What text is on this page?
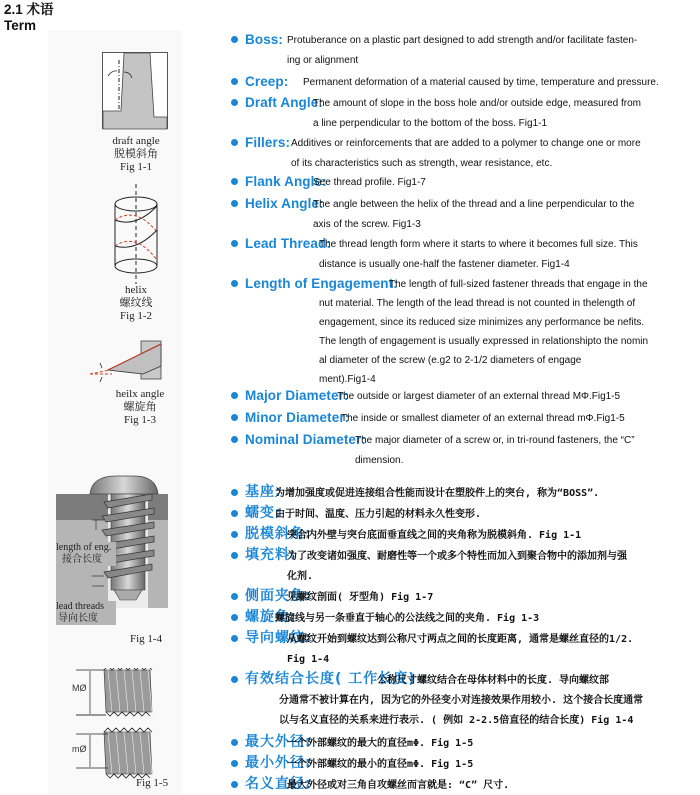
2.1 术语
Term
draft angle
脱模斜角
Fig 1-1
helix
螺纹线
Fig 1-2
heilx angle
螺旋角
Fig 1-3
length of eng.
接合长度
lead threads
导向长度
Fig 1-4
MØ
mØ
Fig 1-5
Boss: Protuberance on a plastic part designed to add strength and/or facilitate fasten-
ing or alignment
Creep: Permanent deformation of a material caused by time, temperature and pressure.
Draft Angle:
The amount of slope in the boss hole and/or outside edge, measured from
a line perpendicular to the bottom of the boss. Fig1-1
Fillers: Additives or reinforcements that are added to a polymer to change one or more
of its characteristics such as strength, wear resistance, etc.
Flank Angle:
See thread profile. Fig1-7
Helix Angle:
The angle between the helix of the thread and a line perpendicular to the
axis of the screw. Fig1-3
Lead Thread:
The thread length form where it starts to where it becomes full size. This
distance is usually one-half the fastener diameter. Fig1-4
Length of Engagement:
The length of full-sized fastener threads that engage in the
nut material. The length of the lead thread is not counted in thelength of
engagement, since its reduced size minimizes any performance be nefits.
The length of engagement is usually expressed in relationshipto the nomin
al diameter of the screw (e.g2 to 2-1/2 diameters of engage
ment).Fig1-4
Major Diameter:
The outside or largest diameter of an external thread MΦ.Fig1-5
Minor Diameter:
The inside or smallest diameter of an external thread mΦ.Fig1-5
Nominal Diameter:
The major diameter of a screw or, in tri-round fasteners, the “C”
dimension.
基座:
为增加强度或促进连接组合性能而设计在塑胶件上的突台, 称为“BOSS”.
蠕变:
由于时间、温度、压力引起的材料永久性变形.
脱模斜角:
突合内外壁与突台底面垂直线之间的夹角称为脱模斜角. Fig 1-1
填充料:
为了改变诸如强度、耐磨性等一个或多个特性而加入到聚合物中的添加剂与强
化剂.
侧面夹角:
见螺纹剖面( 牙型角) Fig 1-7
螺旋角:
螺旋线与另一条垂直于轴心的公法线之间的夹角. Fig 1-3
导向螺纹:
从螺纹开始到螺纹达到公称尺寸两点之间的长度距离, 通常是螺丝直径的1/2.
Fig 1-4
有效结合长度( 工作长度) :
公称尺寸螺纹结合在母体材料中的长度. 导向螺纹部
分通常不被计算在内, 因为它的外径变小对连接效果作用较小. 这个接合长度通常
以与名义直径的关系来进行表示. ( 例如 2-2.5倍直径的结合长度) Fig 1-4
最大外径:
一个外部螺纹的最大的直径mΦ. Fig 1-5
最小外径:
一个外部螺纹的最小的直径mΦ. Fig 1-5
名义直径:
最大外径或对三角自攻螺丝而言就是: “C” 尺寸.
